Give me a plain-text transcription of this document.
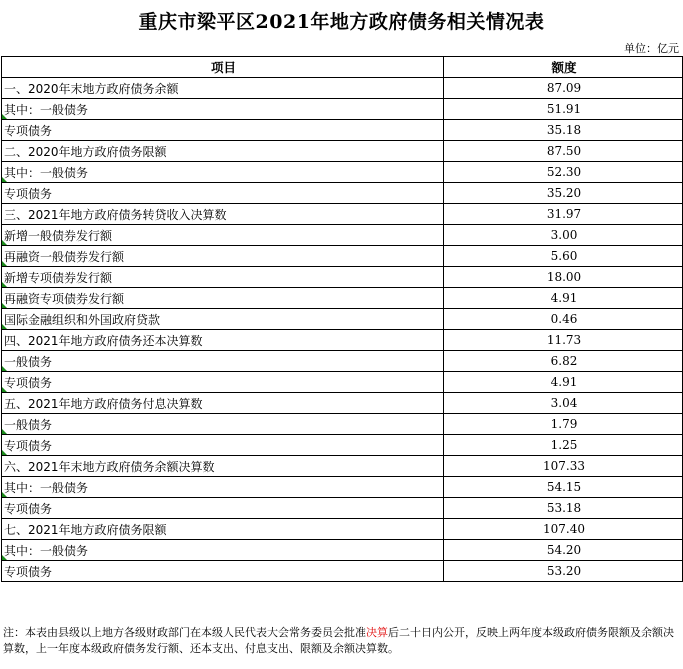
重庆市梁平区2021年地方政府债务相关情况表
单位：亿元
项目	额度
一、2020年末地方政府债务余额	87.09
其中：一般债务	51.91
专项债务	35.18
二、2020年地方政府债务限额	87.50
其中：一般债务	52.30
专项债务	35.20
三、2021年地方政府债务转贷收入决算数	31.97
新增一般债券发行额	3.00
再融资一般债券发行额	5.60
新增专项债券发行额	18.00
再融资专项债券发行额	4.91
国际金融组织和外国政府贷款	0.46
四、2021年地方政府债务还本决算数	11.73
一般债务	6.82
专项债务	4.91
五、2021年地方政府债务付息决算数	3.04
一般债务	1.79
专项债务	1.25
六、2021年末地方政府债务余额决算数	107.33
其中：一般债务	54.15
专项债务	53.18
七、2021年地方政府债务限额	107.40
其中：一般债务	54.20
专项债务	53.20
注：本表由县级以上地方各级财政部门在本级人民代表大会常务委员会批准决算后二十日内公开，反映上两年度本级政府债务限额及余额决算数，上一年度本级政府债务发行额、还本支出、付息支出、限额及余额决算数。
